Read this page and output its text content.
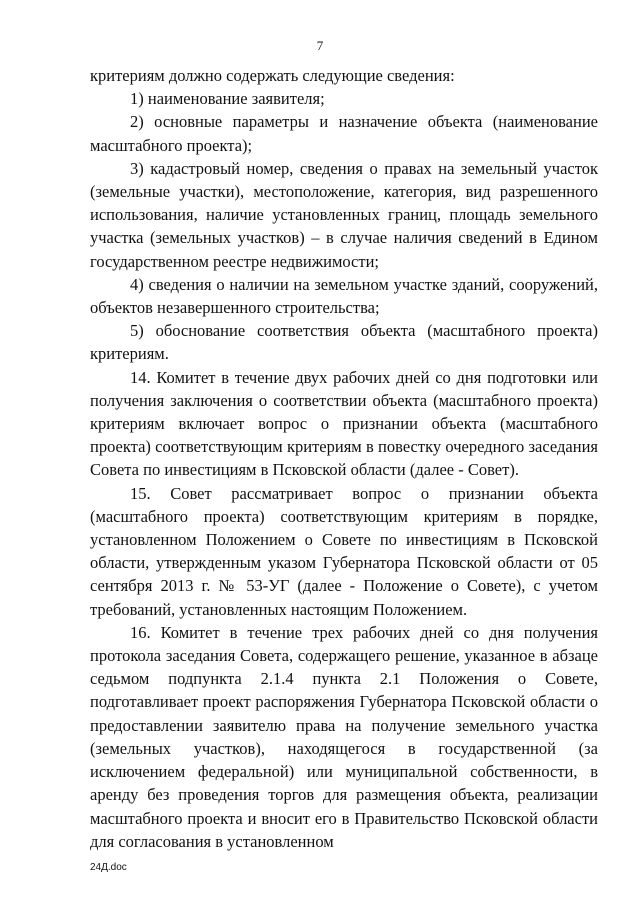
7

критериям должно содержать следующие сведения:

1) наименование заявителя;

2) основные параметры и назначение объекта (наименование масштабного проекта);

3) кадастровый номер, сведения о правах на земельный участок (земельные участки), местоположение, категория, вид разрешенного использования, наличие установленных границ, площадь земельного участка (земельных участков) – в случае наличия сведений в Едином государственном реестре недвижимости;

4) сведения о наличии на земельном участке зданий, сооружений, объектов незавершенного строительства;

5) обоснование соответствия объекта (масштабного проекта) критериям.

14. Комитет в течение двух рабочих дней со дня подготовки или получения заключения о соответствии объекта (масштабного проекта) критериям включает вопрос о признании объекта (масштабного проекта) соответствующим критериям в повестку очередного заседания Совета по инвестициям в Псковской области (далее - Совет).

15. Совет рассматривает вопрос о признании объекта (масштабного проекта) соответствующим критериям в порядке, установленном Положением о Совете по инвестициям в Псковской области, утвержденным указом Губернатора Псковской области от 05 сентября 2013 г. № 53-УГ (далее - Положение о Совете), с учетом требований, установленных настоящим Положением.

16. Комитет в течение трех рабочих дней со дня получения протокола заседания Совета, содержащего решение, указанное в абзаце седьмом подпункта 2.1.4 пункта 2.1 Положения о Совете, подготавливает проект распоряжения Губернатора Псковской области о предоставлении заявителю права на получение земельного участка (земельных участков), находящегося в государственной (за исключением федеральной) или муниципальной собственности, в аренду без проведения торгов для размещения объекта, реализации масштабного проекта и вносит его в Правительство Псковской области для согласования в установленном

24Д.doc
